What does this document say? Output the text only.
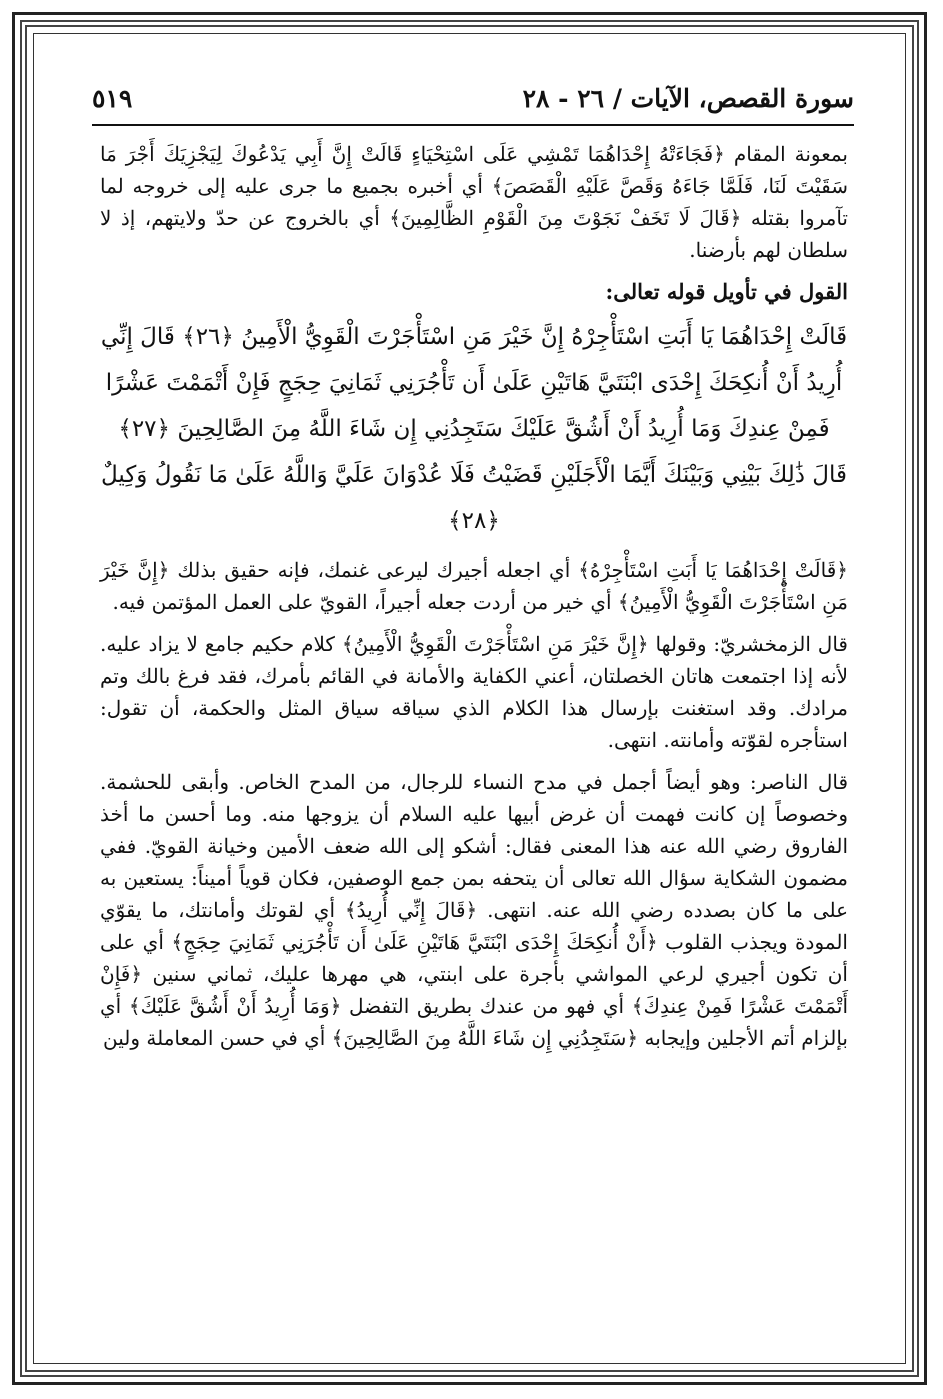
سورة القصص، الآيات / ٢٦ - ٢٨
٥١٩

بمعونة المقام ﴿فَجَاءَتْهُ إِحْدَاهُمَا تَمْشِي عَلَى اسْتِحْيَاءٍ قَالَتْ إِنَّ أَبِي يَدْعُوكَ لِيَجْزِيَكَ أَجْرَ مَا سَقَيْتَ لَنَا، فَلَمَّا جَاءَهُ وَقَصَّ عَلَيْهِ الْقَصَصَ﴾ أي أخبره بجميع ما جرى عليه إلى خروجه لما تآمروا بقتله ﴿قَالَ لَا تَخَفْ نَجَوْتَ مِنَ الْقَوْمِ الظَّالِمِينَ﴾ أي بالخروج عن حدّ ولايتهم، إذ لا سلطان لهم بأرضنا.

القول في تأويل قوله تعالى:

قَالَتْ إِحْدَاهُمَا يَا أَبَتِ اسْتَأْجِرْهُ إِنَّ خَيْرَ مَنِ اسْتَأْجَرْتَ الْقَوِيُّ الْأَمِينُ ﴿٢٦﴾ قَالَ إِنِّي أُرِيدُ أَنْ أُنكِحَكَ إِحْدَى ابْنَتَيَّ هَاتَيْنِ عَلَىٰ أَن تَأْجُرَنِي ثَمَانِيَ حِجَجٍ فَإِنْ أَتْمَمْتَ عَشْرًا فَمِنْ عِندِكَ وَمَا أُرِيدُ أَنْ أَشُقَّ عَلَيْكَ سَتَجِدُنِي إِن شَاءَ اللَّهُ مِنَ الصَّالِحِينَ ﴿٢٧﴾ قَالَ ذَٰلِكَ بَيْنِي وَبَيْنَكَ أَيَّمَا الْأَجَلَيْنِ قَضَيْتُ فَلَا عُدْوَانَ عَلَيَّ وَاللَّهُ عَلَىٰ مَا نَقُولُ وَكِيلٌ ﴿٢٨﴾

﴿قَالَتْ إِحْدَاهُمَا يَا أَبَتِ اسْتَأْجِرْهُ﴾ أي اجعله أجيرك ليرعى غنمك، فإنه حقيق بذلك ﴿إِنَّ خَيْرَ مَنِ اسْتَأْجَرْتَ الْقَوِيُّ الْأَمِينُ﴾ أي خير من أردت جعله أجيراً، القويّ على العمل المؤتمن فيه.

قال الزمخشريّ: وقولها ﴿إِنَّ خَيْرَ مَنِ اسْتَأْجَرْتَ الْقَوِيُّ الْأَمِينُ﴾ كلام حكيم جامع لا يزاد عليه. لأنه إذا اجتمعت هاتان الخصلتان، أعني الكفاية والأمانة في القائم بأمرك، فقد فرغ بالك وتم مرادك. وقد استغنت بإرسال هذا الكلام الذي سياقه سياق المثل والحكمة، أن تقول: استأجره لقوّته وأمانته. انتهى.

قال الناصر: وهو أيضاً أجمل في مدح النساء للرجال، من المدح الخاص. وأبقى للحشمة. وخصوصاً إن كانت فهمت أن غرض أبيها عليه السلام أن يزوجها منه. وما أحسن ما أخذ الفاروق رضي الله عنه هذا المعنى فقال: أشكو إلى الله ضعف الأمين وخيانة القويّ. ففي مضمون الشكاية سؤال الله تعالى أن يتحفه بمن جمع الوصفين، فكان قوياً أميناً: يستعين به على ما كان بصدده رضي الله عنه. انتهى. ﴿قَالَ إِنِّي أُرِيدُ﴾ أي لقوتك وأمانتك، ما يقوّي المودة ويجذب القلوب ﴿أَنْ أُنكِحَكَ إِحْدَى ابْنَتَيَّ هَاتَيْنِ عَلَىٰ أَن تَأْجُرَنِي ثَمَانِيَ حِجَجٍ﴾ أي على أن تكون أجيري لرعي المواشي بأجرة على ابنتي، هي مهرها عليك، ثماني سنين ﴿فَإِنْ أَتْمَمْتَ عَشْرًا فَمِنْ عِندِكَ﴾ أي فهو من عندك بطريق التفضل ﴿وَمَا أُرِيدُ أَنْ أَشُقَّ عَلَيْكَ﴾ أي بإلزام أتم الأجلين وإيجابه ﴿سَتَجِدُنِي إِن شَاءَ اللَّهُ مِنَ الصَّالِحِينَ﴾ أي في حسن المعاملة ولين
